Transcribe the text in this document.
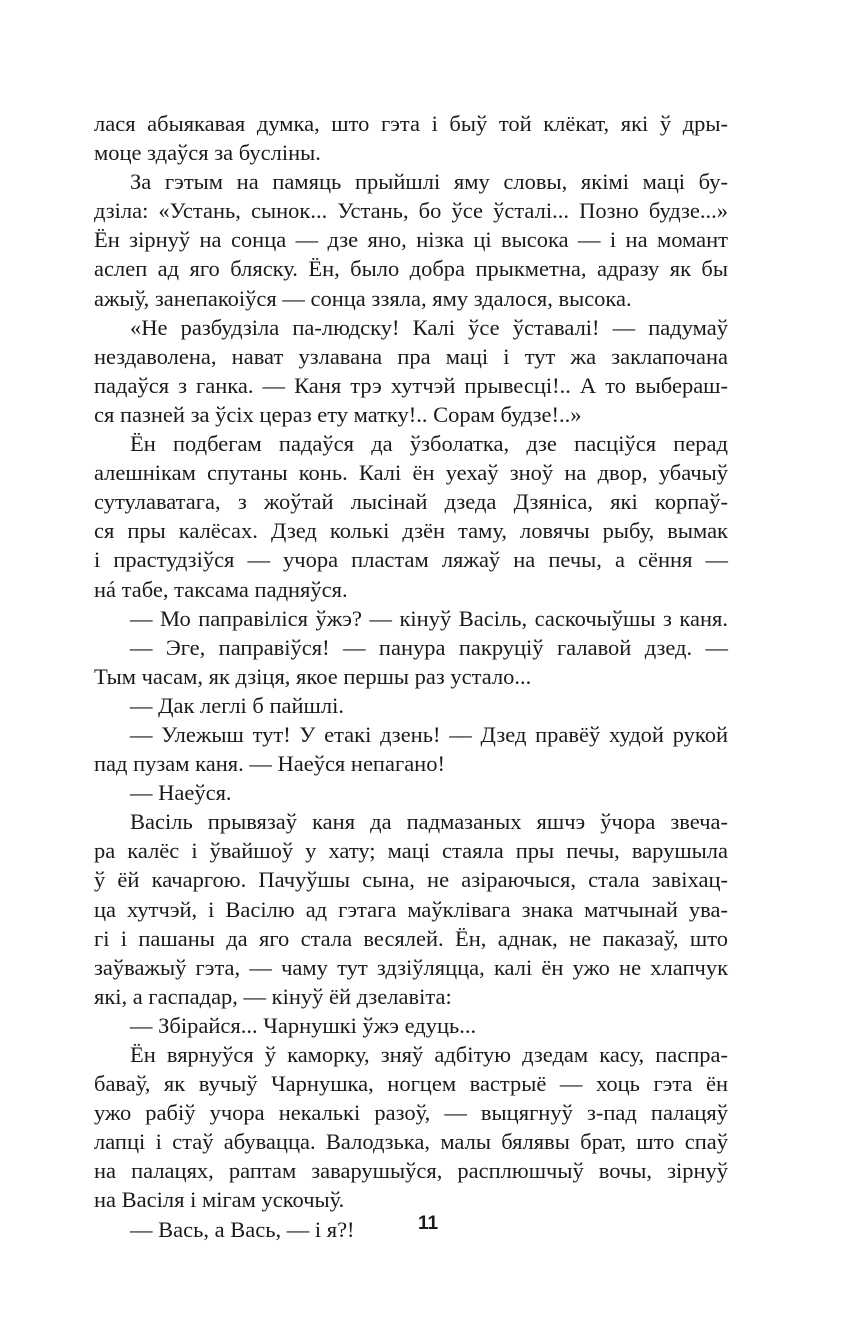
лася абыякавая думка, што гэта і быў той клёкат, які ў дры-
моце здаўся за буслiны.
За гэтым на памяць прыйшлi яму словы, якiмi мацi бу-
дзiла: «Устань, сынок... Устань, бо ўсе ўсталi... Позно будзе...»
Ён зiрнуў на сонца — дзе яно, нiзка цi высока — i на момант
аслеп ад яго бляску. Ён, было добра прыкметна, адразу як бы
ажыў, занепакоiўся — сонца ззяла, яму здалося, высока.
«Не разбудзiла па-людску! Калi ўсе ўставалi! — падумаў
нездаволена, нават узлавана пра мацi i тут жа заклапочана
падаўся з ганка. — Каня трэ хутчэй прывесцi!.. А то выбераш-
ся пазней за ўсiх цераз ету матку!.. Сорам будзе!..»
Ён подбегам падаўся да ўзболатка, дзе пасцiўся перад
алешнiкам спутаны конь. Калi ён уехаў зноў на двор, убачыў
сутулаватага, з жоўтай лысiнай дзеда Дзянiса, якi корпаў-
ся пры калёсах. Дзед колькi дзён таму, ловячы рыбу, вымак
i прастудзiўся — учора пластам ляжаў на печы, а сёння —
нá табе, таксама падняўся.
— Мо паправiлiся ўжэ? — кiнуў Васiль, саскочыўшы з каня.
— Эге, паправiўся! — панура пакруцiў галавой дзед. —
Тым часам, як дзiця, якое першы раз устало...
— Дак леглi б пайшлi.
— Улежыш тут! У етакi дзень! — Дзед правёў худой рукой
пад пузам каня. — Наеўся непагано!
— Наеўся.
Васiль прывязаў каня да падмазаных яшчэ ўчора звеча-
ра калёс i ўвайшоў у хату; мацi стаяла пры печы, варушыла
ў ёй качаргою. Пачуўшы сына, не азiраючыся, стала завiхац-
ца хутчэй, i Васiлю ад гэтага маўклiвага знака матчынай ува-
гi i пашаны да яго стала весялей. Ён, аднак, не паказаў, што
заўважыў гэта, — чаму тут здзiўляцца, калi ён ужо не хлапчук
якi, а гаспадар, — кiнуў ёй дзелавiта:
— Збiрайся... Чарнушкi ўжэ едуць...
Ён вярнуўся ў каморку, зняў адбiтую дзедам касу, паспра-
баваў, як вучыў Чарнушка, ногцем вастрыё — хоць гэта ён
ужо рабiў учора некалькi разоў, — выцягнуў з-пад палацяў
лапцi i стаў абувацца. Валодзька, малы бялявы брат, што спаў
на палацях, раптам заварушыўся, расплюшчыў вочы, зiрнуў
на Васiля i мiгам ускочыў.
— Вась, а Вась, — i я?!	11
